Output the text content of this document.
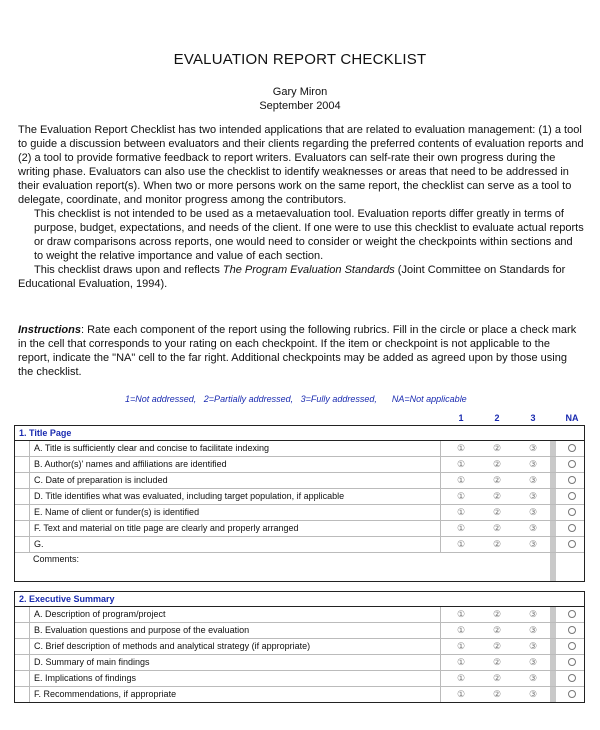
EVALUATION REPORT CHECKLIST
Gary Miron
September 2004

The Evaluation Report Checklist has two intended applications that are related to evaluation management: (1) a tool to guide a discussion between evaluators and their clients regarding the preferred contents of evaluation reports and (2) a tool to provide formative feedback to report writers. Evaluators can self-rate their own progress during the writing phase. Evaluators can also use the checklist to identify weaknesses or areas that need to be addressed in their evaluation report(s). When two or more persons work on the same report, the checklist can serve as a tool to delegate, coordinate, and monitor progress among the contributors.

This checklist is not intended to be used as a metaevaluation tool. Evaluation reports differ greatly in terms of purpose, budget, expectations, and needs of the client. If one were to use this checklist to evaluate actual reports or draw comparisons across reports, one would need to consider or weight the checkpoints within sections and to weight the relative importance and value of each section.

This checklist draws upon and reflects The Program Evaluation Standards (Joint Committee on Standards for

Educational Evaluation, 1994).

Instructions: Rate each component of the report using the following rubrics. Fill in the circle or place a check mark in the cell that corresponds to your rating on each checkpoint. If the item or checkpoint is not applicable to the report, indicate the "NA" cell to the far right. Additional checkpoints may be added as agreed upon by those using the checklist.
1=Not addressed,   2=Partially addressed,   3=Fully addressed,      NA=Not applicable
1	2	3	NA
1. Title Page
A. Title is sufficiently clear and concise to facilitate indexing	①	②	③
B. Author(s)' names and affiliations are identified	①	②	③
C. Date of preparation is included	①	②	③
D. Title identifies what was evaluated, including target population, if applicable	①	②	③
E. Name of client or funder(s) is identified	①	②	③
F. Text and material on title page are clearly and properly arranged	①	②	③
G.	①	②	③
Comments:
2. Executive Summary
A. Description of program/project	①	②	③
B. Evaluation questions and purpose of the evaluation	①	②	③
C. Brief description of methods and analytical strategy (if appropriate)	①	②	③
D. Summary of main findings	①	②	③
E. Implications of findings	①	②	③
F. Recommendations, if appropriate	①	②	③
